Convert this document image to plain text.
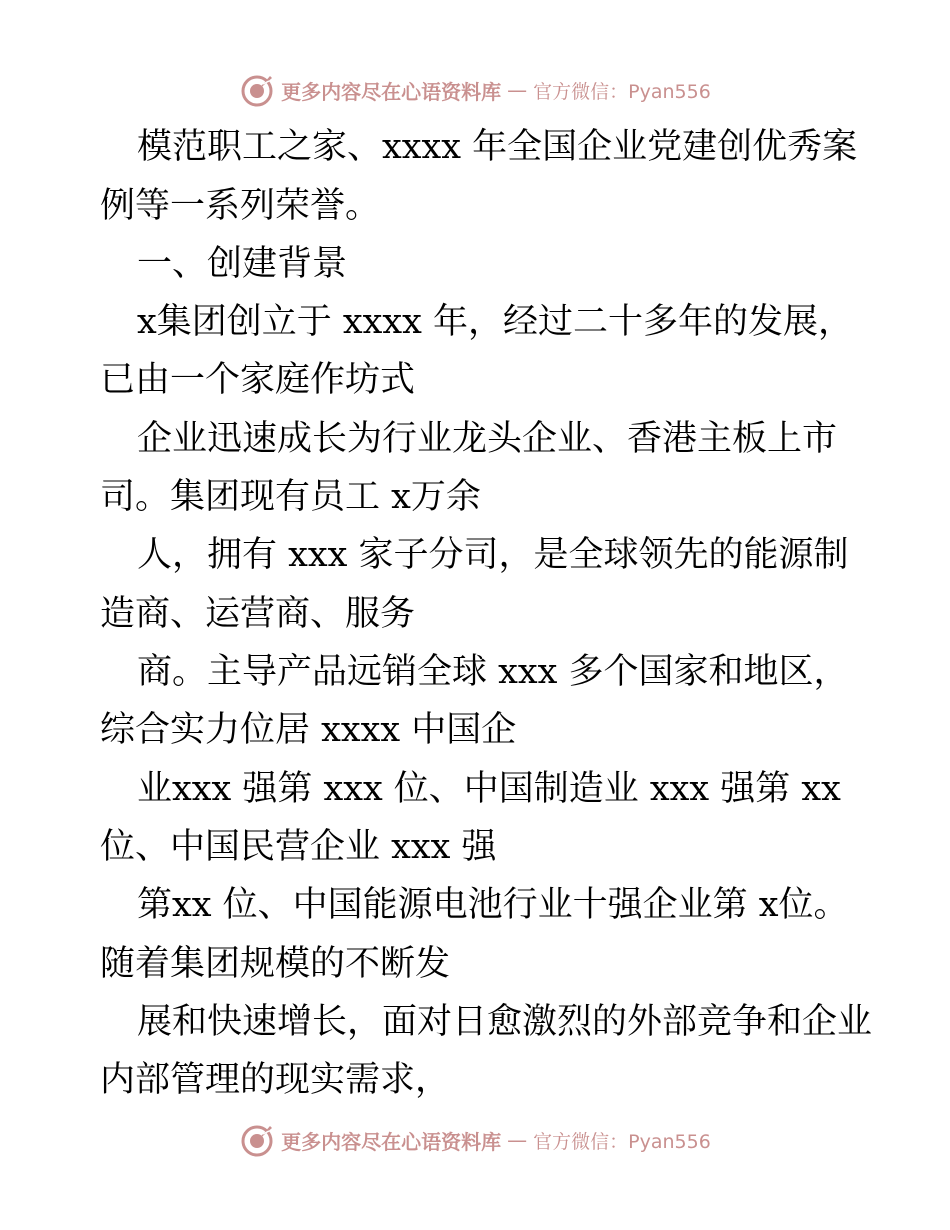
更多内容尽在心语资料库 — 官方微信：Pyan556
模范职工之家、xxxx 年全国企业党建创优秀案
例等一系列荣誉。
一、创建背景
x集团创立于 xxxx 年，经过二十多年的发展，
已由一个家庭作坊式
企业迅速成长为行业龙头企业、香港主板上市
司。集团现有员工 x万余
人，拥有 xxx 家子分司，是全球领先的能源制
造商、运营商、服务
商。主导产品远销全球 xxx 多个国家和地区，
综合实力位居 xxxx 中国企
业xxx 强第 xxx 位、中国制造业 xxx 强第 xx
位、中国民营企业 xxx 强
第xx 位、中国能源电池行业十强企业第 x位。
随着集团规模的不断发
展和快速增长，面对日愈激烈的外部竞争和企业
内部管理的现实需求，
更多内容尽在心语资料库 — 官方微信：Pyan556
